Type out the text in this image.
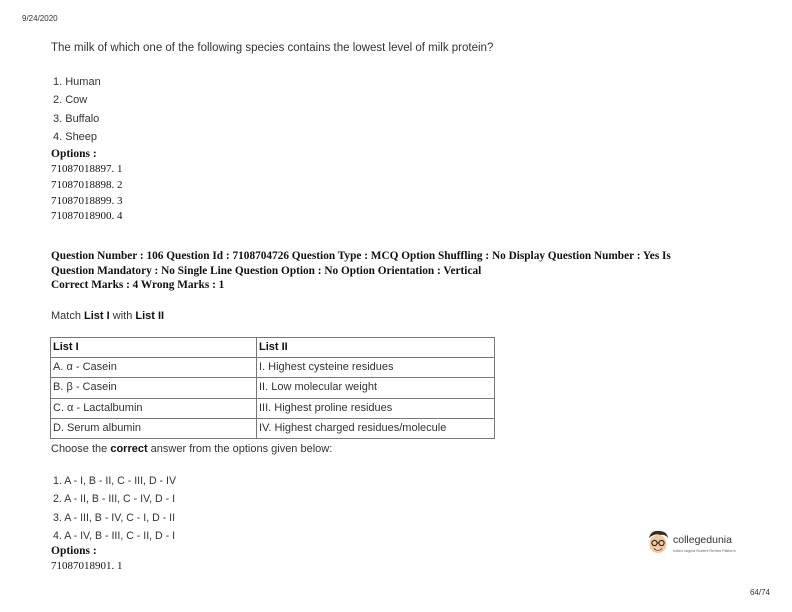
9/24/2020
The milk of which one of the following species contains the lowest level of milk protein?
1. Human
2. Cow
3. Buffalo
4. Sheep
Options :
71087018897. 1
71087018898. 2
71087018899. 3
71087018900. 4
Question Number : 106 Question Id : 7108704726 Question Type : MCQ Option Shuffling : No Display Question Number : Yes Is
Question Mandatory : No Single Line Question Option : No Option Orientation : Vertical
Correct Marks : 4 Wrong Marks : 1
Match List I with List II
List I	List II
A. α - Casein	I. Highest cysteine residues
B. β - Casein	II. Low molecular weight
C. α - Lactalbumin	III. Highest proline residues
D. Serum albumin	IV. Highest charged residues/molecule
Choose the correct answer from the options given below:
1. A - I, B - II, C - III, D - IV
2. A - II, B - III, C - IV, D - I
3. A - III, B - IV, C - I, D - II
4. A - IV, B - III, C - II, D - I
Options :
71087018901. 1
collegedunia
India's largest Student Review Platform
64/74
